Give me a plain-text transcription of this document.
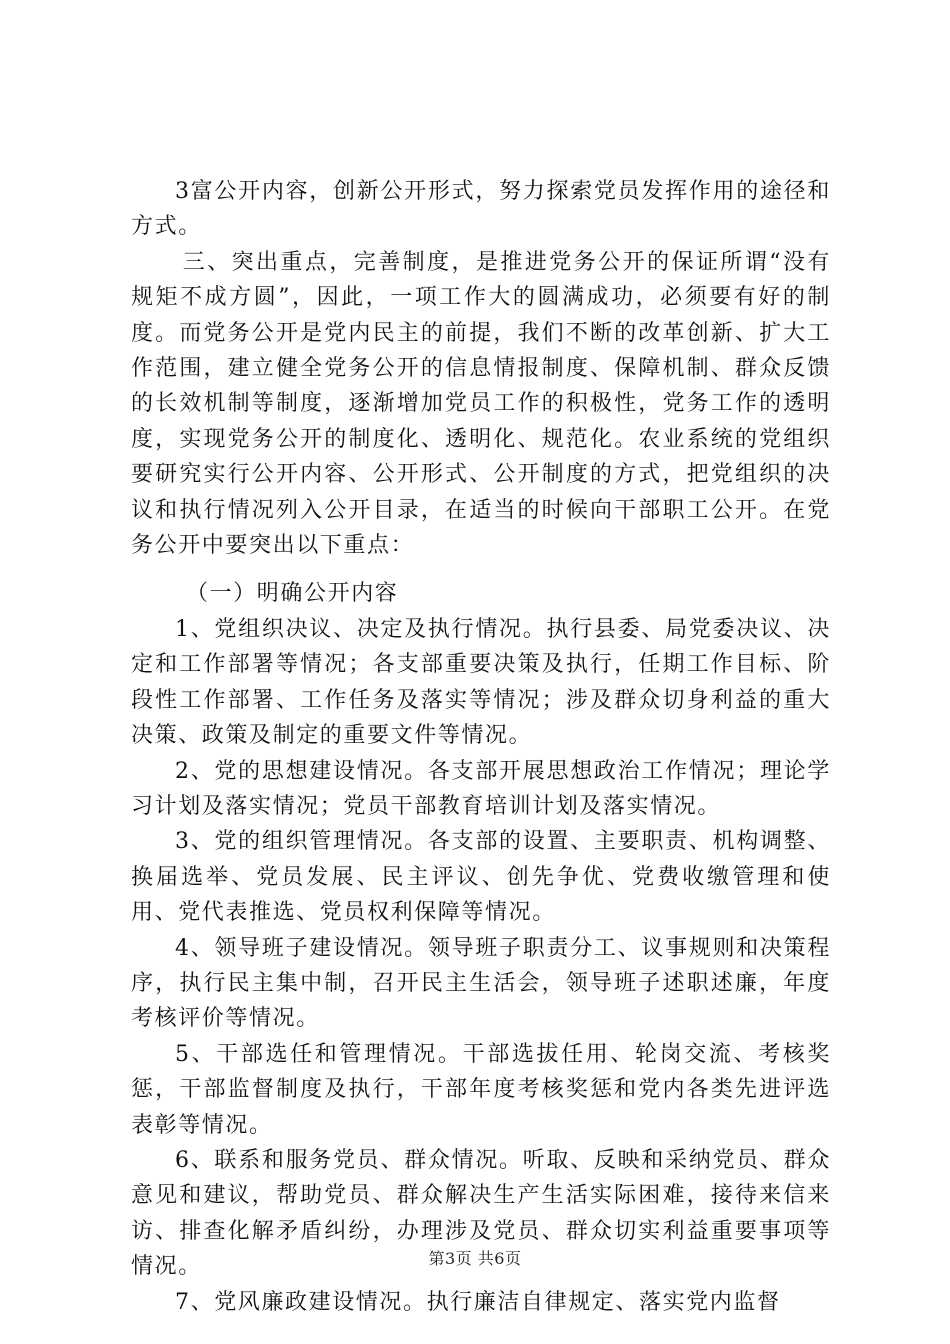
3富公开内容，创新公开形式，努力探索党员发挥作用的途径和方式。

三、突出重点，完善制度，是推进党务公开的保证所谓“没有规矩不成方圆”，因此，一项工作大的圆满成功，必须要有好的制度。而党务公开是党内民主的前提，我们不断的改革创新、扩大工作范围，建立健全党务公开的信息情报制度、保障机制、群众反馈的长效机制等制度，逐渐增加党员工作的积极性，党务工作的透明度，实现党务公开的制度化、透明化、规范化。农业系统的党组织要研究实行公开内容、公开形式、公开制度的方式，把党组织的决议和执行情况列入公开目录，在适当的时候向干部职工公开。在党务公开中要突出以下重点：

（一）明确公开内容

1、党组织决议、决定及执行情况。执行县委、局党委决议、决定和工作部署等情况；各支部重要决策及执行，任期工作目标、阶段性工作部署、工作任务及落实等情况；涉及群众切身利益的重大决策、政策及制定的重要文件等情况。

2、党的思想建设情况。各支部开展思想政治工作情况；理论学习计划及落实情况；党员干部教育培训计划及落实情况。

3、党的组织管理情况。各支部的设置、主要职责、机构调整、换届选举、党员发展、民主评议、创先争优、党费收缴管理和使用、党代表推选、党员权利保障等情况。

4、领导班子建设情况。领导班子职责分工、议事规则和决策程序，执行民主集中制，召开民主生活会，领导班子述职述廉，年度考核评价等情况。

5、干部选任和管理情况。干部选拔任用、轮岗交流、考核奖惩，干部监督制度及执行，干部年度考核奖惩和党内各类先进评选表彰等情况。

6、联系和服务党员、群众情况。听取、反映和采纳党员、群众意见和建议，帮助党员、群众解决生产生活实际困难，接待来信来访、排查化解矛盾纠纷，办理涉及党员、群众切实利益重要事项等情况。

7、党风廉政建设情况。执行廉洁自律规定、落实党内监督

第3页 共6页
